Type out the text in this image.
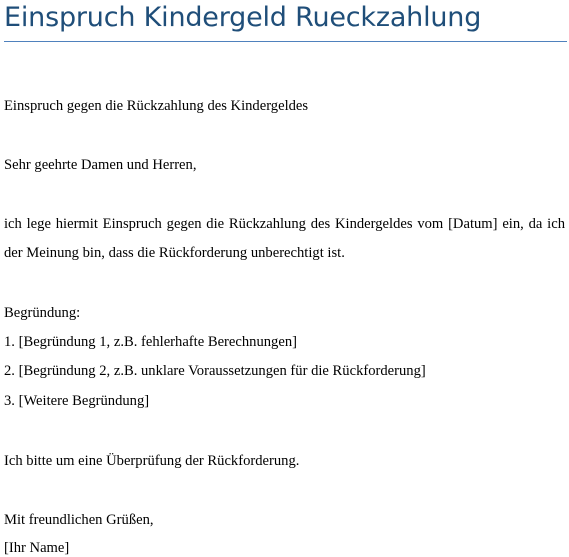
Einspruch Kindergeld Rueckzahlung
Einspruch gegen die Rückzahlung des Kindergeldes
Sehr geehrte Damen und Herren,
ich lege hiermit Einspruch gegen die Rückzahlung des Kindergeldes vom [Datum] ein, da ich
der Meinung bin, dass die Rückforderung unberechtigt ist.
Begründung:
1. [Begründung 1, z.B. fehlerhafte Berechnungen]
2. [Begründung 2, z.B. unklare Voraussetzungen für die Rückforderung]
3. [Weitere Begründung]
Ich bitte um eine Überprüfung der Rückforderung.
Mit freundlichen Grüßen,
[Ihr Name]
